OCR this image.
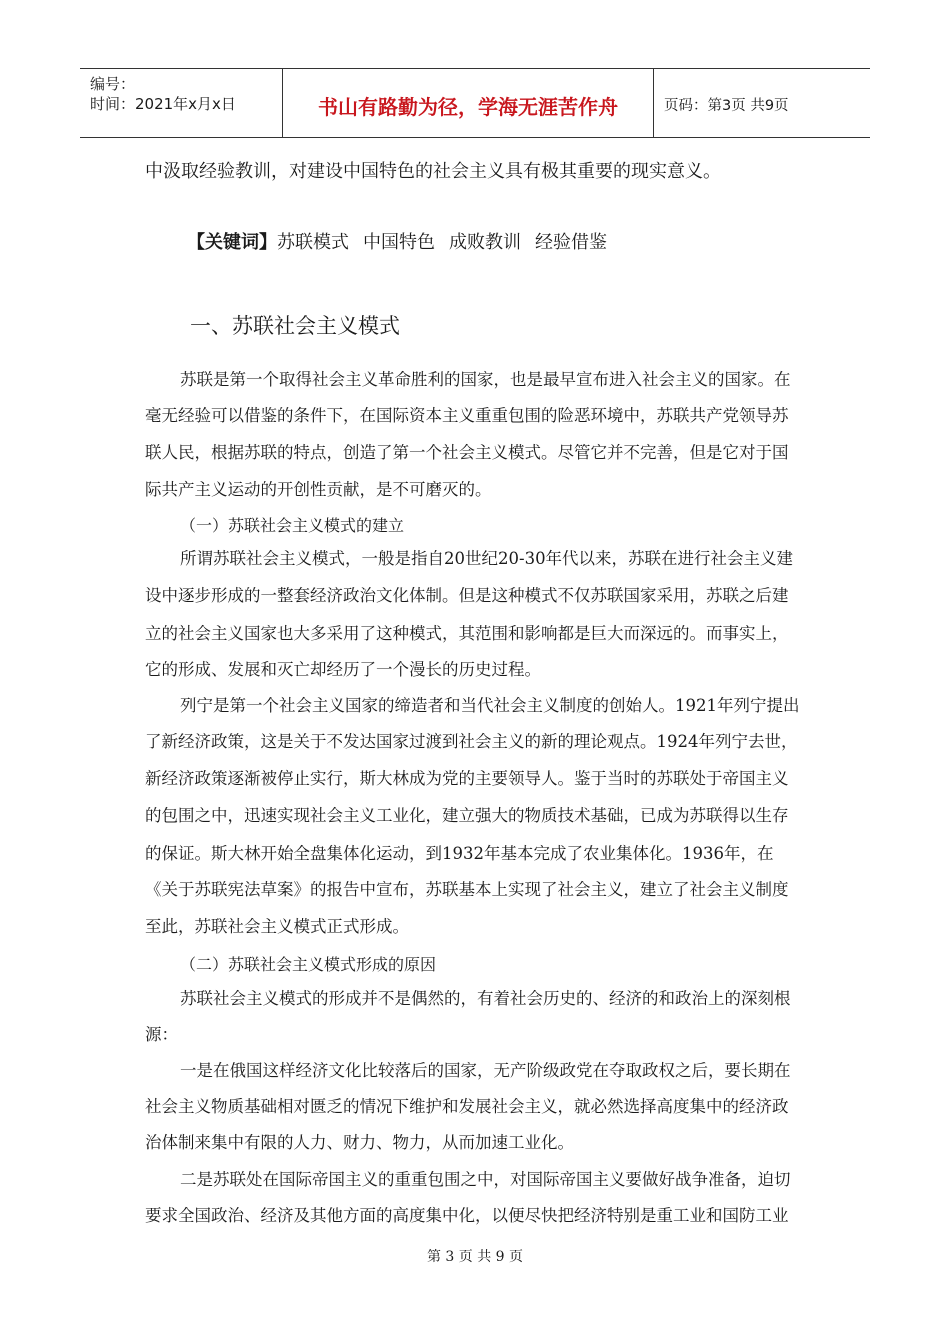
编号：
时间：2021年x月x日	书山有路勤为径，学海无涯苦作舟	页码：第3页 共9页
中汲取经验教训，对建设中国特色的社会主义具有极其重要的现实意义。
【关键词】苏联模式 中国特色 成败教训 经验借鉴
一、苏联社会主义模式
苏联是第一个取得社会主义革命胜利的国家，也是最早宣布进入社会主义的国家。在
毫无经验可以借鉴的条件下，在国际资本主义重重包围的险恶环境中，苏联共产党领导苏
联人民，根据苏联的特点，创造了第一个社会主义模式。尽管它并不完善，但是它对于国
际共产主义运动的开创性贡献，是不可磨灭的。
（一）苏联社会主义模式的建立
所谓苏联社会主义模式，一般是指自20世纪20-30年代以来，苏联在进行社会主义建
设中逐步形成的一整套经济政治文化体制。但是这种模式不仅苏联国家采用，苏联之后建
立的社会主义国家也大多采用了这种模式，其范围和影响都是巨大而深远的。而事实上，
它的形成、发展和灭亡却经历了一个漫长的历史过程。
列宁是第一个社会主义国家的缔造者和当代社会主义制度的创始人。1921年列宁提出
了新经济政策，这是关于不发达国家过渡到社会主义的新的理论观点。1924年列宁去世，
新经济政策逐渐被停止实行，斯大林成为党的主要领导人。鉴于当时的苏联处于帝国主义
的包围之中，迅速实现社会主义工业化，建立强大的物质技术基础，已成为苏联得以生存
的保证。斯大林开始全盘集体化运动，到1932年基本完成了农业集体化。1936年，在
《关于苏联宪法草案》的报告中宣布，苏联基本上实现了社会主义，建立了社会主义制度
至此，苏联社会主义模式正式形成。
（二）苏联社会主义模式形成的原因
苏联社会主义模式的形成并不是偶然的，有着社会历史的、经济的和政治上的深刻根
源：
一是在俄国这样经济文化比较落后的国家，无产阶级政党在夺取政权之后，要长期在
社会主义物质基础相对匮乏的情况下维护和发展社会主义，就必然选择高度集中的经济政
治体制来集中有限的人力、财力、物力，从而加速工业化。
二是苏联处在国际帝国主义的重重包围之中，对国际帝国主义要做好战争准备，迫切
要求全国政治、经济及其他方面的高度集中化，以便尽快把经济特别是重工业和国防工业
第 3 页 共 9 页
